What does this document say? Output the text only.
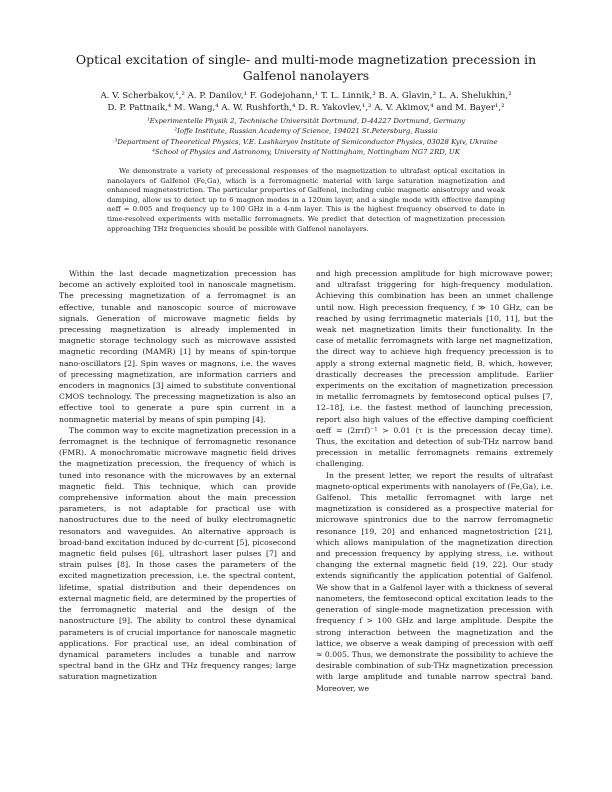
Optical excitation of single- and multi-mode magnetization precession in Galfenol nanolayers
A. V. Scherbakov,¹,² A. P. Danilov,¹ F. Godejohann,¹ T. L. Linnik,³ B. A. Glavin,³ L. A. Shelukhin,²
D. P. Pattnaik,⁴ M. Wang,⁴ A. W. Rushforth,⁴ D. R. Yakovlev,¹,² A. V. Akimov,⁴ and M. Bayer¹,²
¹Experimentelle Physik 2, Technische Universität Dortmund, D-44227 Dortmund, Germany
²Ioffe Institute, Russian Academy of Science, 194021 St.Petersburg, Russia
³Department of Theoretical Physics, V.E. Lashkaryov Institute of Semiconductor Physics, 03028 Kyiv, Ukraine
⁴School of Physics and Astronomy, University of Nottingham, Nottingham NG7 2RD, UK
We demonstrate a variety of precessional responses of the magnetization to ultrafast optical excitation in nanolayers of Galfenol (Fe,Ga), which is a ferromagnetic material with large saturation magnetization and enhanced magnetostriction. The particular properties of Galfenol, including cubic magnetic anisotropy and weak damping, allow us to detect up to 6 magnon modes in a 120nm layer, and a single mode with effective damping αeff = 0.005 and frequency up to 100 GHz in a 4-nm layer. This is the highest frequency observed to date in time-resolved experiments with metallic ferromagnets. We predict that detection of magnetization precession approaching THz frequencies should be possible with Galfenol nanolayers.

Within the last decade magnetization precession has become an actively exploited tool in nanoscale magnetism. The precessing magnetization of a ferromagnet is an effective, tunable and nanoscopic source of microwave signals. Generation of microwave magnetic fields by precessing magnetization is already implemented in magnetic storage technology such as microwave assisted magnetic recording (MAMR) [1] by means of spin-torque nano-oscillators [2]. Spin waves or magnons, i.e. the waves of precessing magnetization, are information carriers and encoders in magnonics [3] aimed to substitute conventional CMOS technology. The precessing magnetization is also an effective tool to generate a pure spin current in a nonmagnetic material by means of spin pumping [4].

The common way to excite magnetization precession in a ferromagnet is the technique of ferromagnetic resonance (FMR). A monochromatic microwave magnetic field drives the magnetization precession, the frequency of which is tuned into resonance with the microwaves by an external magnetic field. This technique, which can provide comprehensive information about the main precession parameters, is not adaptable for practical use with nanostructures due to the need of bulky electromagnetic resonators and waveguides. An alternative approach is broad-band excitation induced by dc-current [5], picosecond magnetic field pulses [6], ultrashort laser pulses [7] and strain pulses [8]. In those cases the parameters of the excited magnetization precession, i.e. the spectral content, lifetime, spatial distribution and their dependences on external magnetic field, are determined by the properties of the ferromagnetic material and the design of the nanostructure [9]. The ability to control these dynamical parameters is of crucial importance for nanoscale magnetic applications. For practical use, an ideal combination of dynamical parameters includes a tunable and narrow spectral band in the GHz and THz frequency ranges; large saturation magnetization

and high precession amplitude for high microwave power; and ultrafast triggering for high-frequency modulation. Achieving this combination has been an unmet challenge until now. High precession frequency, f ≫ 10 GHz, can be reached by using ferrimagnetic materials [10, 11], but the weak net magnetization limits their functionality. In the case of metallic ferromagnets with large net magnetization, the direct way to achieve high frequency precession is to apply a strong external magnetic field, B, which, however, drastically decreases the precession amplitude. Earlier experiments on the excitation of magnetization precession in metallic ferromagnets by femtosecond optical pulses [7, 12–18], i.e. the fastest method of launching precession, report also high values of the effective damping coefficient αeff = (2πτf)⁻¹ > 0.01 (τ is the precession decay time). Thus, the excitation and detection of sub-THz narrow band precession in metallic ferromagnets remains extremely challenging.

In the present letter, we report the results of ultrafast magneto-optical experiments with nanolayers of (Fe,Ga), i.e. Galfenol. This metallic ferromagnet with large net magnetization is considered as a prospective material for microwave spintronics due to the narrow ferromagnetic resonance [19, 20] and enhanced magnetostriction [21], which allows manipulation of the magnetization direction and precession frequency by applying stress, i.e. without changing the external magnetic field [19, 22]. Our study extends significantly the application potential of Galfenol. We show that in a Galfenol layer with a thickness of several nanometers, the femtosecond optical excitation leads to the generation of single-mode magnetization precession with frequency f > 100 GHz and large amplitude. Despite the strong interaction between the magnetization and the lattice, we observe a weak damping of precession with αeff ≈ 0.005. Thus, we demonstrate the possibility to achieve the desirable combination of sub-THz magnetization precession with large amplitude and tunable narrow spectral band. Moreover, we
